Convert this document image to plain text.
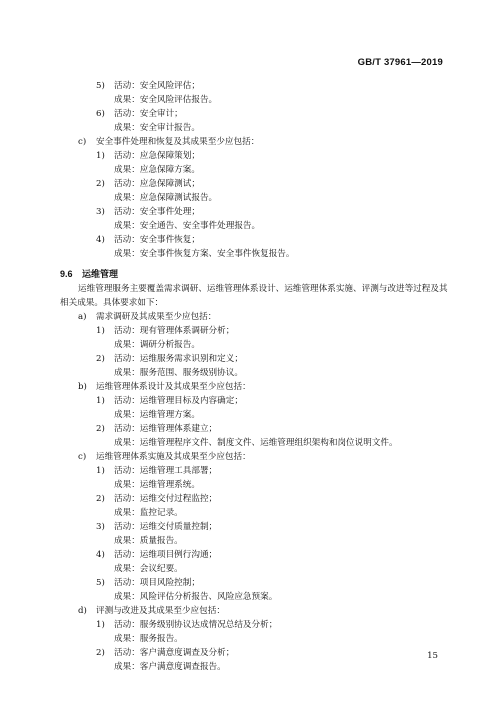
GB/T 37961—2019
5) 活动：安全风险评估；
成果：安全风险评估报告。
6) 活动：安全审计；
成果：安全审计报告。
c) 安全事件处理和恢复及其成果至少应包括：
1) 活动：应急保障策划；
成果：应急保障方案。
2) 活动：应急保障测试；
成果：应急保障测试报告。
3) 活动：安全事件处理；
成果：安全通告、安全事件处理报告。
4) 活动：安全事件恢复；
成果：安全事件恢复方案、安全事件恢复报告。
9.6 运维管理
运维管理服务主要覆盖需求调研、运维管理体系设计、运维管理体系实施、评测与改进等过程及其
相关成果。具体要求如下：
a) 需求调研及其成果至少应包括：
1) 活动：现有管理体系调研分析；
成果：调研分析报告。
2) 活动：运维服务需求识别和定义；
成果：服务范围、服务级别协议。
b) 运维管理体系设计及其成果至少应包括：
1) 活动：运维管理目标及内容确定；
成果：运维管理方案。
2) 活动：运维管理体系建立；
成果：运维管理程序文件、制度文件、运维管理组织架构和岗位说明文件。
c) 运维管理体系实施及其成果至少应包括：
1) 活动：运维管理工具部署；
成果：运维管理系统。
2) 活动：运维交付过程监控；
成果：监控记录。
3) 活动：运维交付质量控制；
成果：质量报告。
4) 活动：运维项目例行沟通；
成果：会议纪要。
5) 活动：项目风险控制；
成果：风险评估分析报告、风险应急预案。
d) 评测与改进及其成果至少应包括：
1) 活动：服务级别协议达成情况总结及分析；
成果：服务报告。
2) 活动：客户满意度调查及分析；
成果：客户满意度调查报告。
15
